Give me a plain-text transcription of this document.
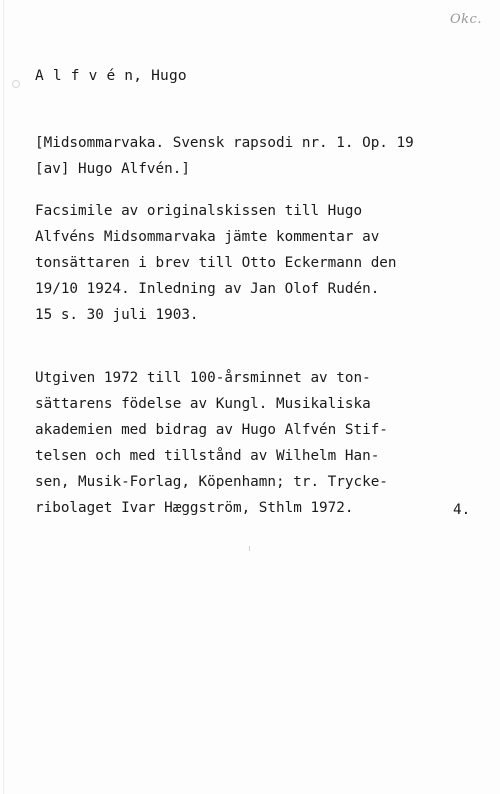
Okc.
A l f v é n, Hugo
[Midsommarvaka. Svensk rapsodi nr. 1. Op. 19
[av] Hugo Alfvén.]
Facsimile av originalskissen till Hugo
Alfvéns Midsommarvaka jämte kommentar av
tonsättaren i brev till Otto Eckermann den
19/10 1924. Inledning av Jan Olof Rudén.
15 s. 30 juli 1903.
Utgiven 1972 till 100-årsminnet av ton-
sättarens födelse av Kungl. Musikaliska
akademien med bidrag av Hugo Alfvén Stif-
telsen och med tillstånd av Wilhelm Han-
sen, Musik-Forlag, Köpenhamn; tr. Trycke-
ribolaget Ivar Hæggström, Sthlm 1972.	4.
